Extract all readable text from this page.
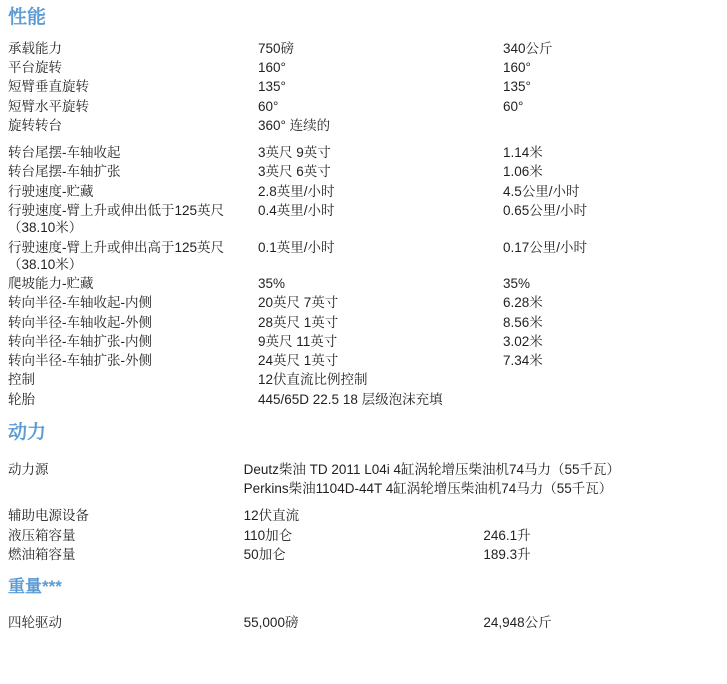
性能
承载能力	750磅	340公斤
平台旋转	160°	160°
短臂垂直旋转	135°	135°
短臂水平旋转	60°	60°
旋转转台	360° 连续的	

转台尾摆-车轴收起	3英尺 9英寸	1.14米
转台尾摆-车轴扩张	3英尺 6英寸	1.06米
行驶速度-贮藏	2.8英里/小时	4.5公里/小时
行驶速度-臂上升或伸出低于125英尺（38.10米）	0.4英里/小时	0.65公里/小时
行驶速度-臂上升或伸出高于125英尺（38.10米）	0.1英里/小时	0.17公里/小时
爬坡能力-贮藏	35%	35%
转向半径-车轴收起-内侧	20英尺 7英寸	6.28米
转向半径-车轴收起-外侧	28英尺 1英寸	8.56米
转向半径-车轴扩张-内侧	9英尺 11英寸	3.02米
转向半径-车轴扩张-外侧	24英尺 1英寸	7.34米
控制	12伏直流比例控制	
轮胎	445/65D 22.5 18 层级泡沫充填	
动力

动力源	Deutz柴油 TD 2011 L04i 4缸涡轮增压柴油机74马力（55千瓦）	
	Perkins柴油1104D-44T 4缸涡轮增压柴油机74马力（55千瓦）	

辅助电源设备	12伏直流	
液压箱容量	110加仑	246.1升
燃油箱容量	50加仑	189.3升
重量***

四轮驱动	55,000磅	24,948公斤
